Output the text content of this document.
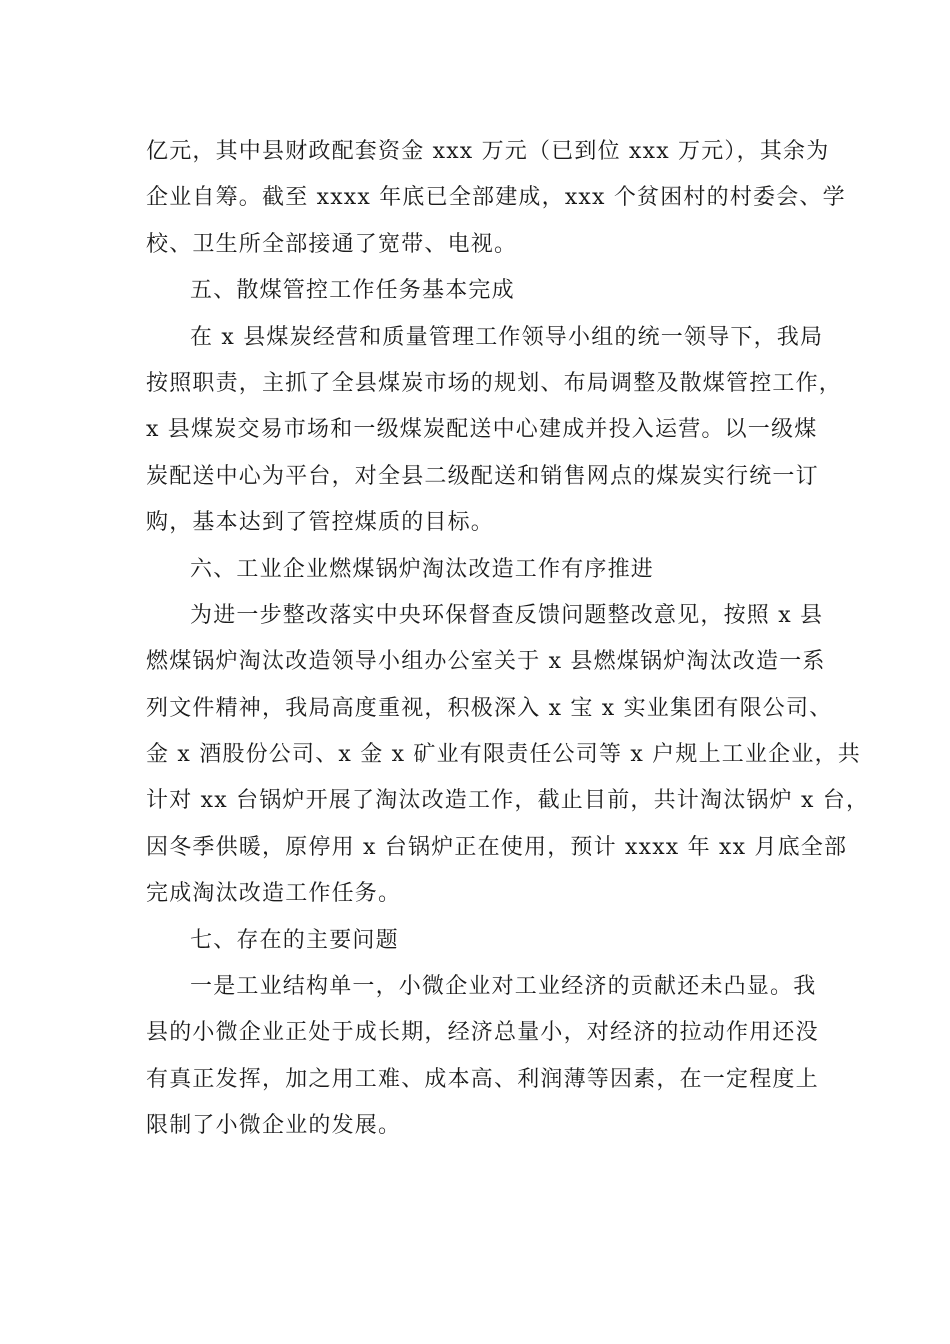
亿元，其中县财政配套资金 xxx 万元（已到位 xxx 万元），其余为

企业自筹。截至 xxxx 年底已全部建成，xxx 个贫困村的村委会、学

校、卫生所全部接通了宽带、电视。

五、散煤管控工作任务基本完成

在 x 县煤炭经营和质量管理工作领导小组的统一领导下，我局

按照职责，主抓了全县煤炭市场的规划、布局调整及散煤管控工作，

x 县煤炭交易市场和一级煤炭配送中心建成并投入运营。以一级煤

炭配送中心为平台，对全县二级配送和销售网点的煤炭实行统一订

购，基本达到了管控煤质的目标。

六、工业企业燃煤锅炉淘汰改造工作有序推进

为进一步整改落实中央环保督查反馈问题整改意见，按照 x 县

燃煤锅炉淘汰改造领导小组办公室关于 x 县燃煤锅炉淘汰改造一系

列文件精神，我局高度重视，积极深入 x 宝 x 实业集团有限公司、

金 x 酒股份公司、x 金 x 矿业有限责任公司等 x 户规上工业企业，共

计对 xx 台锅炉开展了淘汰改造工作，截止目前，共计淘汰锅炉 x 台，

因冬季供暖，原停用 x 台锅炉正在使用，预计 xxxx 年 xx 月底全部

完成淘汰改造工作任务。

七、存在的主要问题

一是工业结构单一，小微企业对工业经济的贡献还未凸显。我

县的小微企业正处于成长期，经济总量小，对经济的拉动作用还没

有真正发挥，加之用工难、成本高、利润薄等因素，在一定程度上

限制了小微企业的发展。
